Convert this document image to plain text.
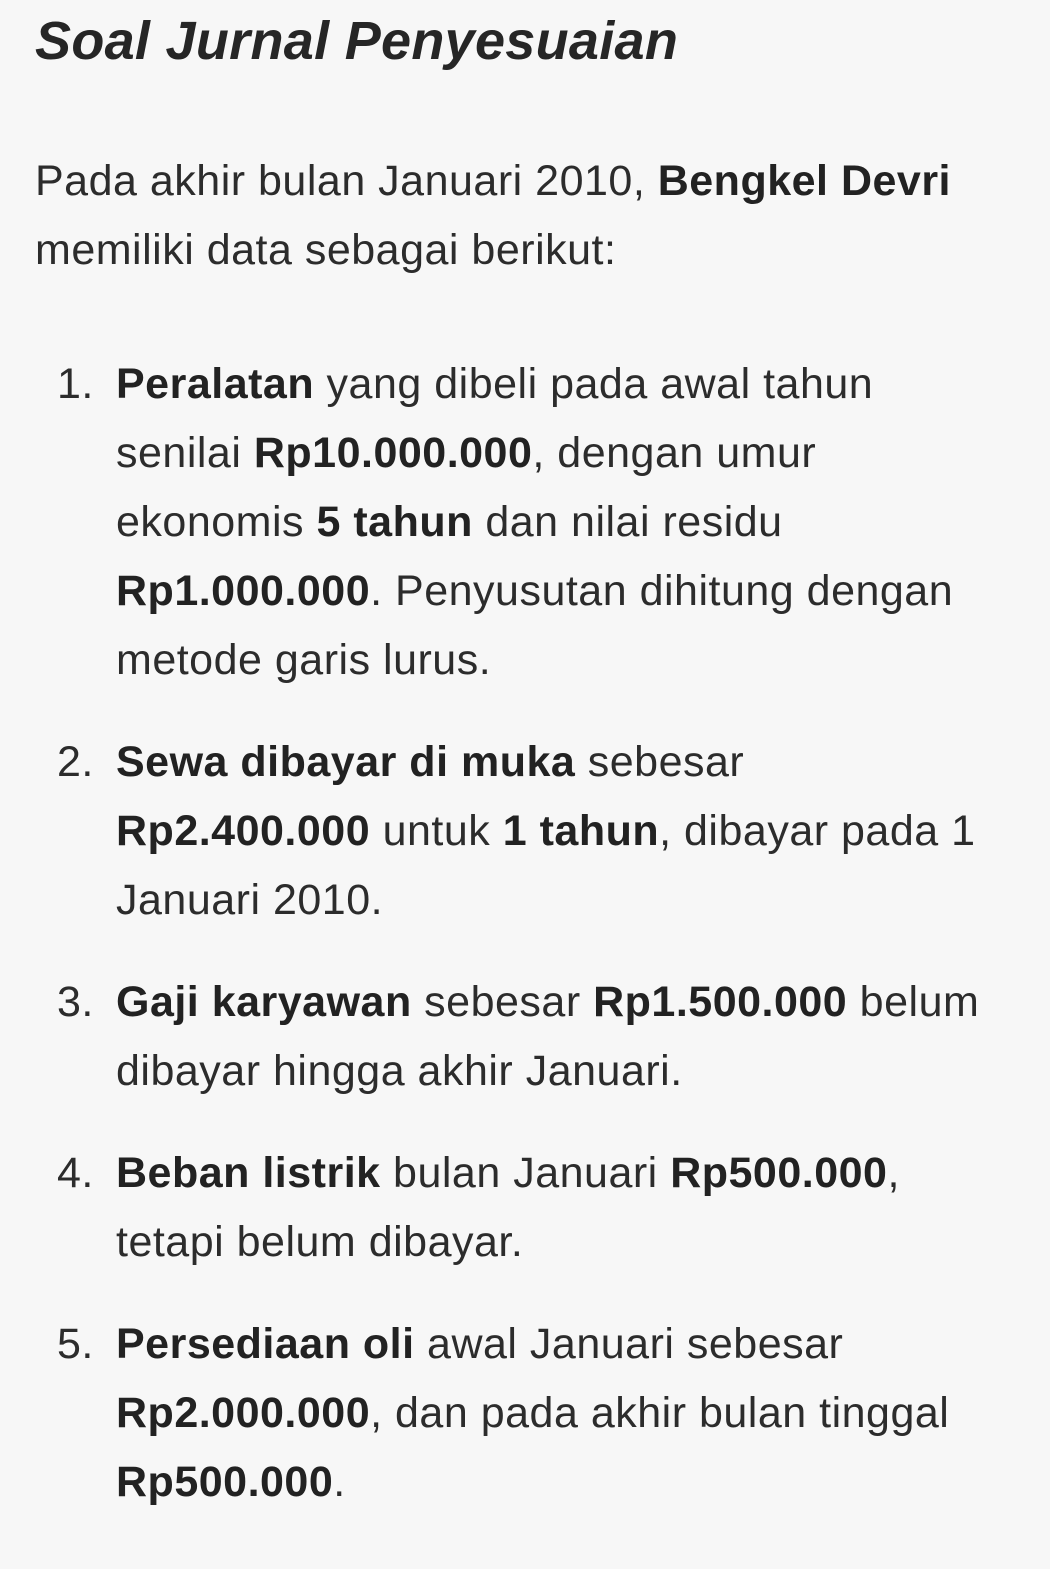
Soal Jurnal Penyesuaian

Pada akhir bulan Januari 2010, Bengkel Devri memiliki data sebagai berikut:

1. Peralatan yang dibeli pada awal tahun senilai Rp10.000.000, dengan umur ekonomis 5 tahun dan nilai residu Rp1.000.000. Penyusutan dihitung dengan metode garis lurus.
2. Sewa dibayar di muka sebesar Rp2.400.000 untuk 1 tahun, dibayar pada 1 Januari 2010.
3. Gaji karyawan sebesar Rp1.500.000 belum dibayar hingga akhir Januari.
4. Beban listrik bulan Januari Rp500.000, tetapi belum dibayar.
5. Persediaan oli awal Januari sebesar Rp2.000.000, dan pada akhir bulan tinggal Rp500.000.
